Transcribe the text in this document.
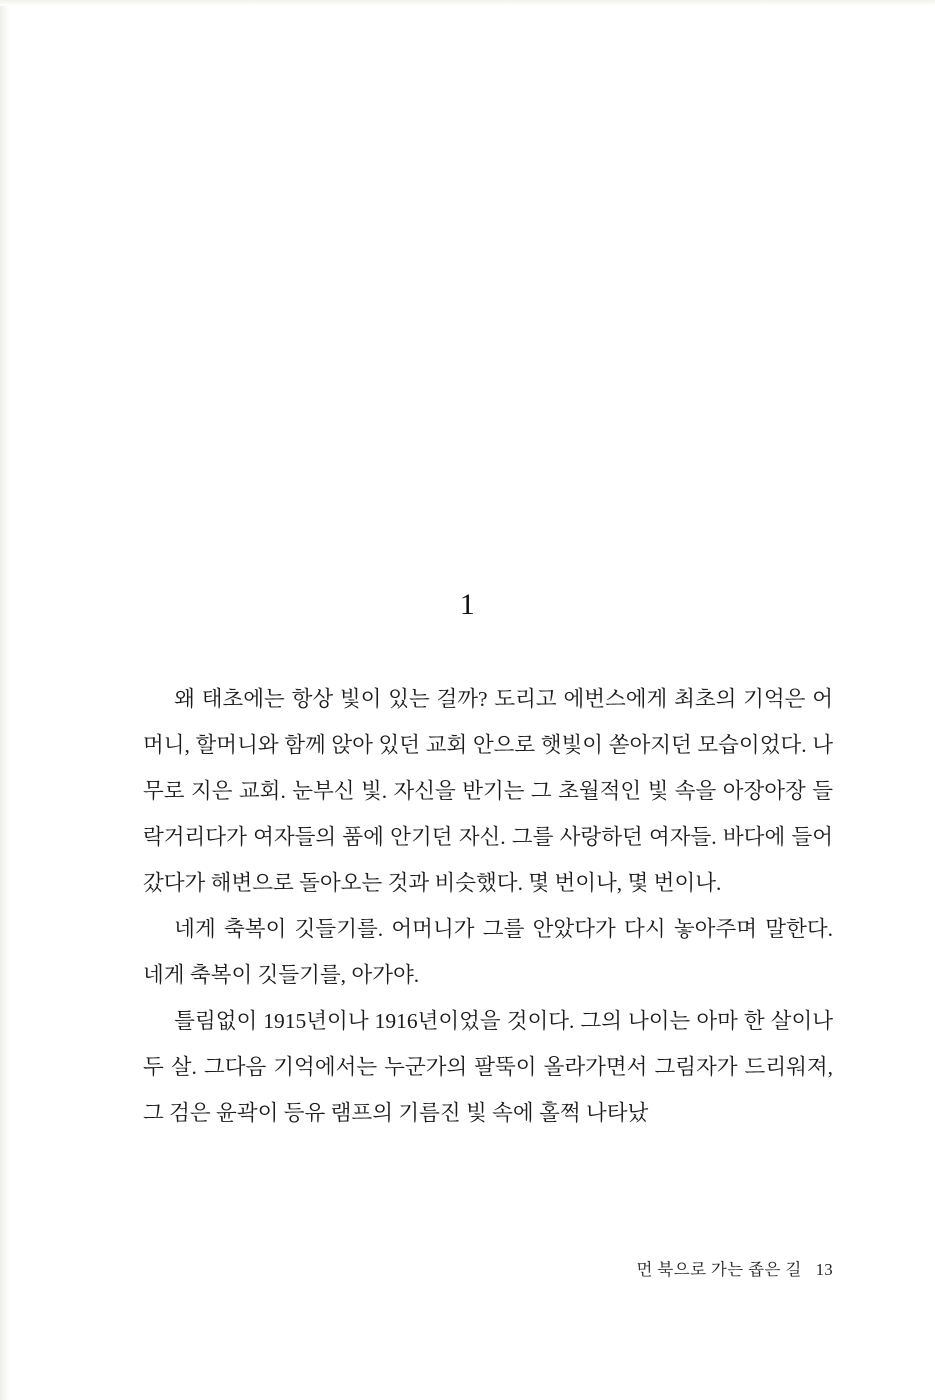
1

왜 태초에는 항상 빛이 있는 걸까? 도리고 에번스에게 최초의 기억은 어머니, 할머니와 함께 앉아 있던 교회 안으로 햇빛이 쏟아지던 모습이었다. 나무로 지은 교회. 눈부신 빛. 자신을 반기는 그 초월적인 빛 속을 아장아장 들락거리다가 여자들의 품에 안기던 자신. 그를 사랑하던 여자들. 바다에 들어갔다가 해변으로 돌아오는 것과 비슷했다. 몇 번이나, 몇 번이나.

네게 축복이 깃들기를. 어머니가 그를 안았다가 다시 놓아주며 말한다. 네게 축복이 깃들기를, 아가야.

틀림없이 1915년이나 1916년이었을 것이다. 그의 나이는 아마 한 살이나 두 살. 그다음 기억에서는 누군가의 팔뚝이 올라가면서 그림자가 드리워져, 그 검은 윤곽이 등유 램프의 기름진 빛 속에 홀쩍 나타났

먼 북으로 가는 좁은 길 13
